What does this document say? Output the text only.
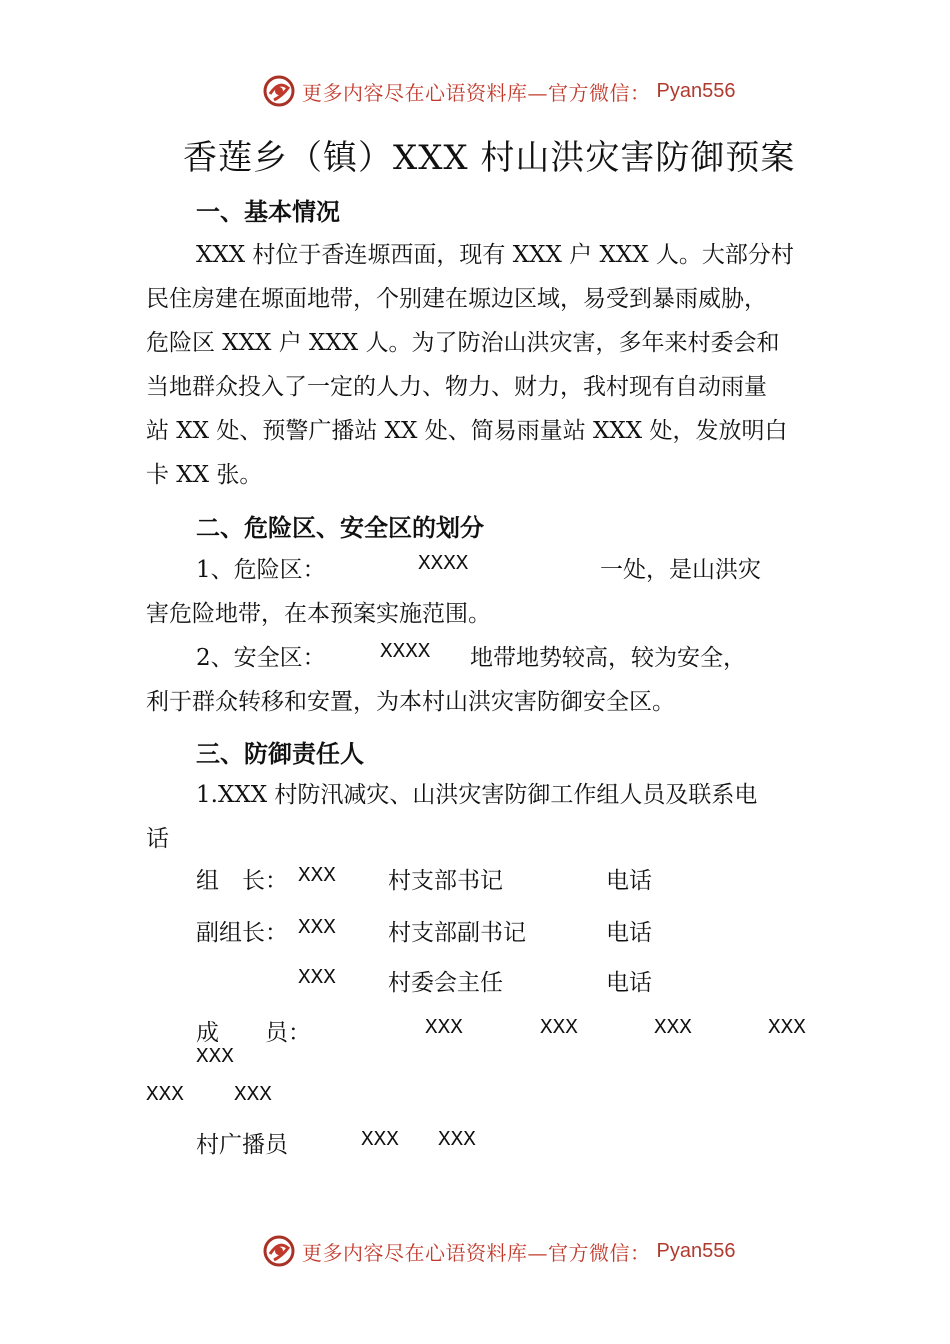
更多内容尽在心语资料库—官方微信： Pyan556
香莲乡（镇）XXX 村山洪灾害防御预案
一、基本情况
XXX 村位于香连塬西面，现有 XXX 户 XXX 人。大部分村
民住房建在塬面地带，个别建在塬边区域，易受到暴雨威胁，
危险区 XXX 户 XXX 人。为了防治山洪灾害，多年来村委会和
当地群众投入了一定的人力、物力、财力，我村现有自动雨量
站 XX 处、预警广播站 XX 处、简易雨量站 XXX 处，发放明白
卡 XX 张。
二、危险区、安全区的划分
1、危险区：	XXXX	一处，是山洪灾
害危险地带，在本预案实施范围。
2、安全区：	XXXX 地带地势较高，较为安全，
利于群众转移和安置，为本村山洪灾害防御安全区。
三、防御责任人
1.XXX 村防汛减灾、山洪灾害防御工作组人员及联系电
话
组　长： XXX 村支部书记	电话
副组长： XXX 村支部副书记	电话
XXX 村委会主任	电话
成　　员：	XXX	XXX	XXX	XXX
XXX
XXX XXX
村广播员	XXX XXX
更多内容尽在心语资料库—官方微信： Pyan556
